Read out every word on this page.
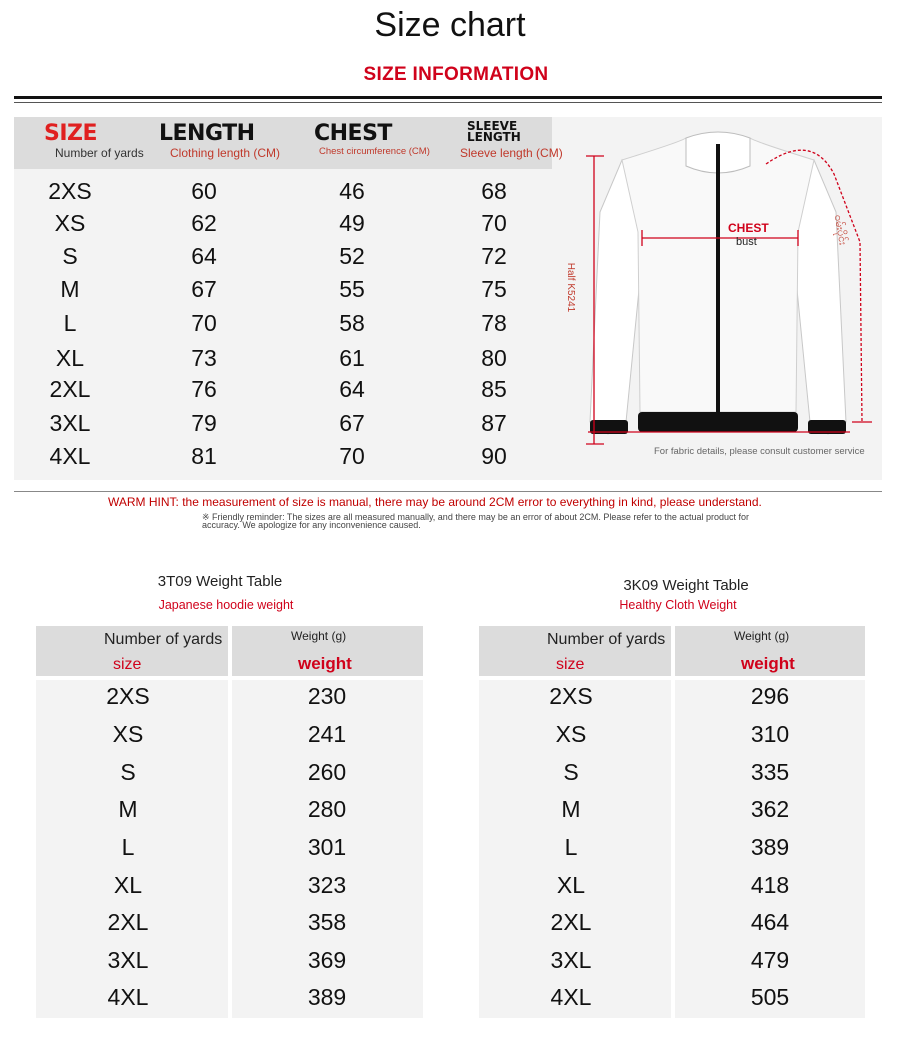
Size chart
SIZE INFORMATION
SIZE
Number of yards
LENGTH
Clothing length (CM)
CHEST
Chest circumference (CM)
SLEEVE
LENGTH
Sleeve length (CM)
2XS	60	46	68
XS	62	49	70
S	64	52	72
M	67	55	75
L	70	58	78
XL	73	61	80
2XL	76	64	85
3XL	79	67	87
4XL	81	70	90
CHEST
bust
Half K5241
ဝမ်းပိုင်း
For fabric details, please consult customer service
WARM HINT: the measurement of size is manual, there may be around 2CM error to everything in kind, please understand.
※ Friendly reminder: The sizes are all measured manually, and there may be an error of about 2CM. Please refer to the actual product for
accuracy. We apologize for any inconvenience caused.
3T09 Weight Table
Japanese hoodie weight
Number of yards
size
Weight (g)
weight
2XS	230
XS	241
S	260
M	280
L	301
XL	323
2XL	358
3XL	369
4XL	389
3K09 Weight Table
Healthy Cloth Weight
Number of yards
size
Weight (g)
weight
2XS	296
XS	310
S	335
M	362
L	389
XL	418
2XL	464
3XL	479
4XL	505
